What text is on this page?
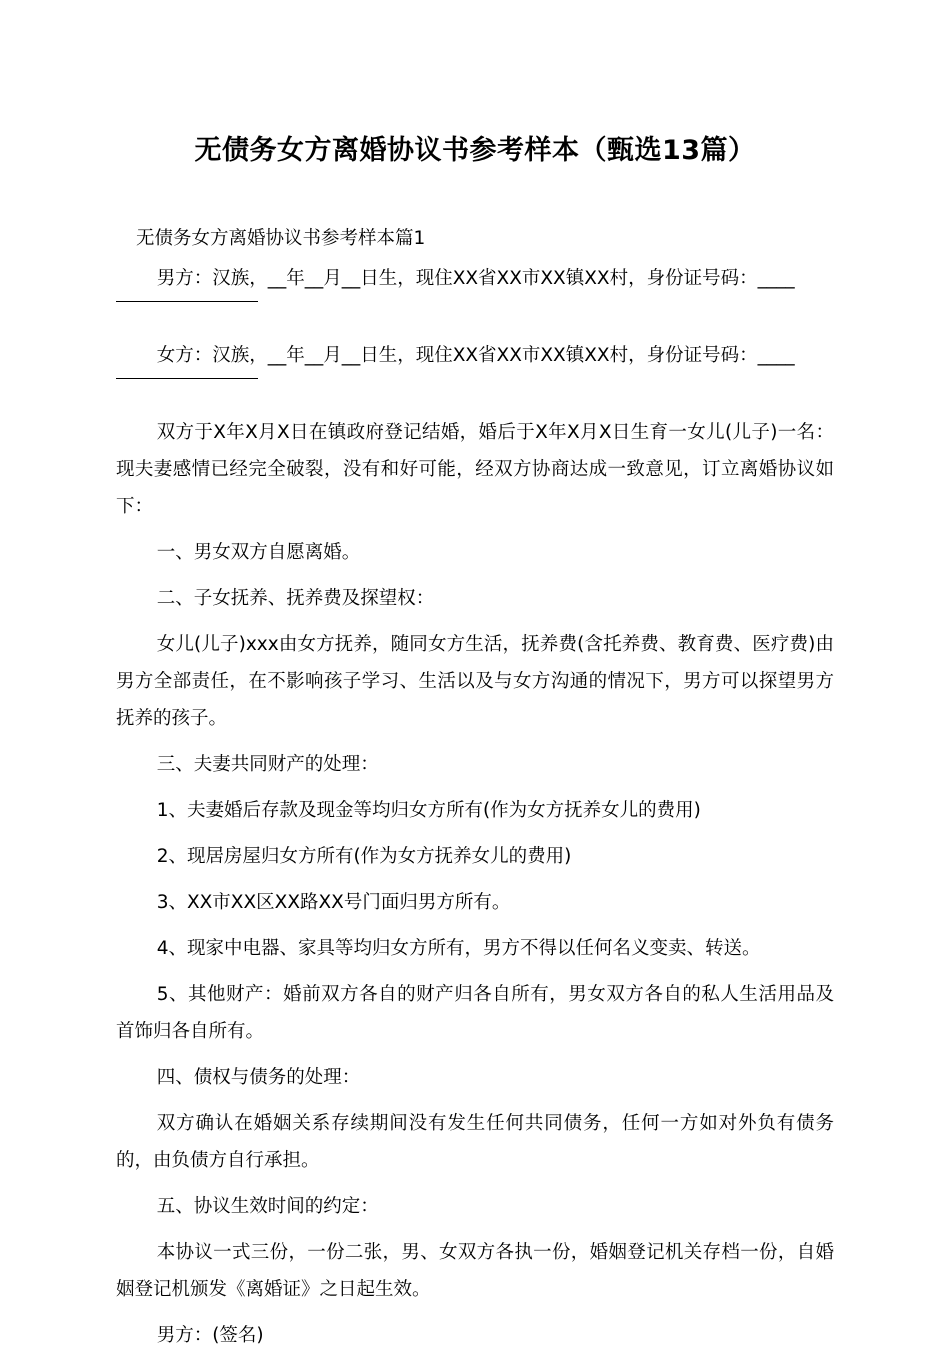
无债务女方离婚协议书参考样本（甄选13篇）
无债务女方离婚协议书参考样本篇1

男方：汉族，__年__月__日生，现住XX省XX市XX镇XX村，身份证号码：____

女方：汉族，__年__月__日生，现住XX省XX市XX镇XX村，身份证号码：____

双方于X年X月X日在镇政府登记结婚，婚后于X年X月X日生育一女儿(儿子)一名：现夫妻感情已经完全破裂，没有和好可能，经双方协商达成一致意见，订立离婚协议如下：

一、男女双方自愿离婚。

二、子女抚养、抚养费及探望权：

女儿(儿子)xxx由女方抚养，随同女方生活，抚养费(含托养费、教育费、医疗费)由男方全部责任，在不影响孩子学习、生活以及与女方沟通的情况下，男方可以探望男方抚养的孩子。

三、夫妻共同财产的处理：

1、夫妻婚后存款及现金等均归女方所有(作为女方抚养女儿的费用)

2、现居房屋归女方所有(作为女方抚养女儿的费用)

3、XX市XX区XX路XX号门面归男方所有。

4、现家中电器、家具等均归女方所有，男方不得以任何名义变卖、转送。

5、其他财产：婚前双方各自的财产归各自所有，男女双方各自的私人生活用品及首饰归各自所有。

四、债权与债务的处理：

双方确认在婚姻关系存续期间没有发生任何共同债务，任何一方如对外负有债务的，由负债方自行承担。

五、协议生效时间的约定：

本协议一式三份，一份二张，男、女双方各执一份，婚姻登记机关存档一份，自婚姻登记机颁发《离婚证》之日起生效。

男方：(签名)
